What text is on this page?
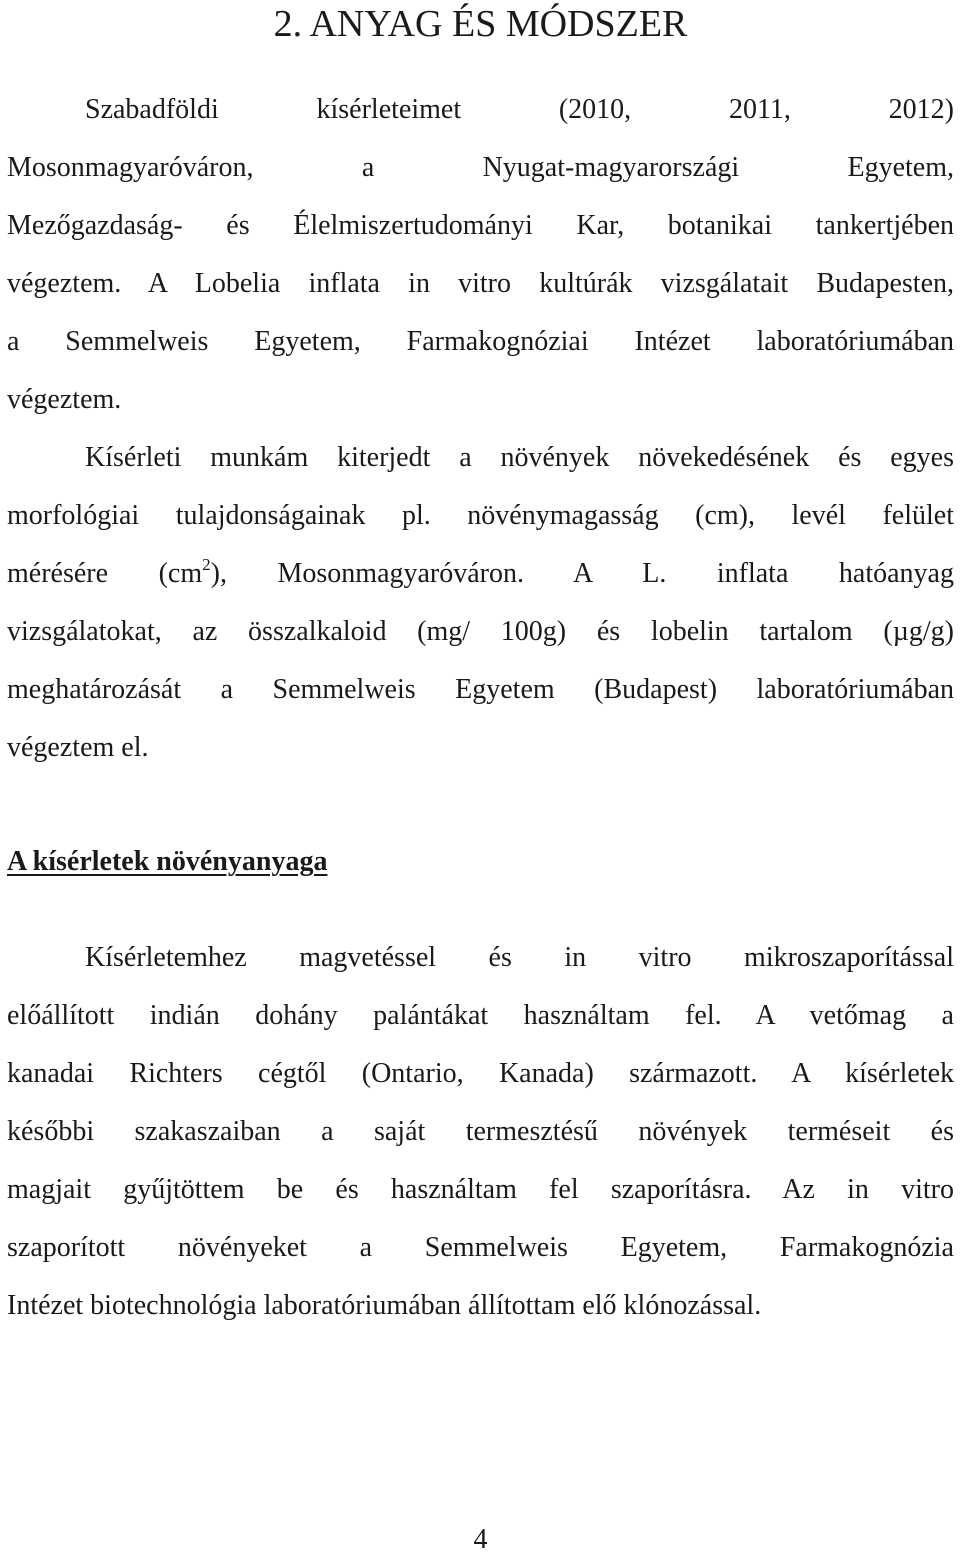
2. ANYAG ÉS MÓDSZER

Szabadföldi kísérleteimet (2010, 2011, 2012)
Mosonmagyaróváron, a Nyugat-magyarországi Egyetem,
Mezőgazdaság- és Élelmiszertudományi Kar, botanikai tankertjében
végeztem. A Lobelia inflata in vitro kultúrák vizsgálatait Budapesten,
a Semmelweis Egyetem, Farmakognóziai Intézet laboratóriumában
végeztem.

Kísérleti munkám kiterjedt a növények növekedésének és egyes
morfológiai tulajdonságainak pl. növénymagasság (cm), levél felület
mérésére $(cm^2)$, Mosonmagyaróváron. A L. inflata hatóanyag
vizsgálatokat, az összalkaloid (mg/ 100g) és lobelin tartalom (µg/g)
meghatározását a Semmelweis Egyetem (Budapest) laboratóriumában
végeztem el.

A kísérletek növényanyaga

Kísérletemhez magvetéssel és in vitro mikroszaporítással
előállított indián dohány palántákat használtam fel. A vetőmag a
kanadai Richters cégtől (Ontario, Kanada) származott. A kísérletek
későbbi szakaszaiban a saját termesztésű növények terméseit és
magjait gyűjtöttem be és használtam fel szaporításra. Az in vitro
szaporított növényeket a Semmelweis Egyetem, Farmakognózia
Intézet biotechnológia laboratóriumában állítottam elő klónozással.

4
